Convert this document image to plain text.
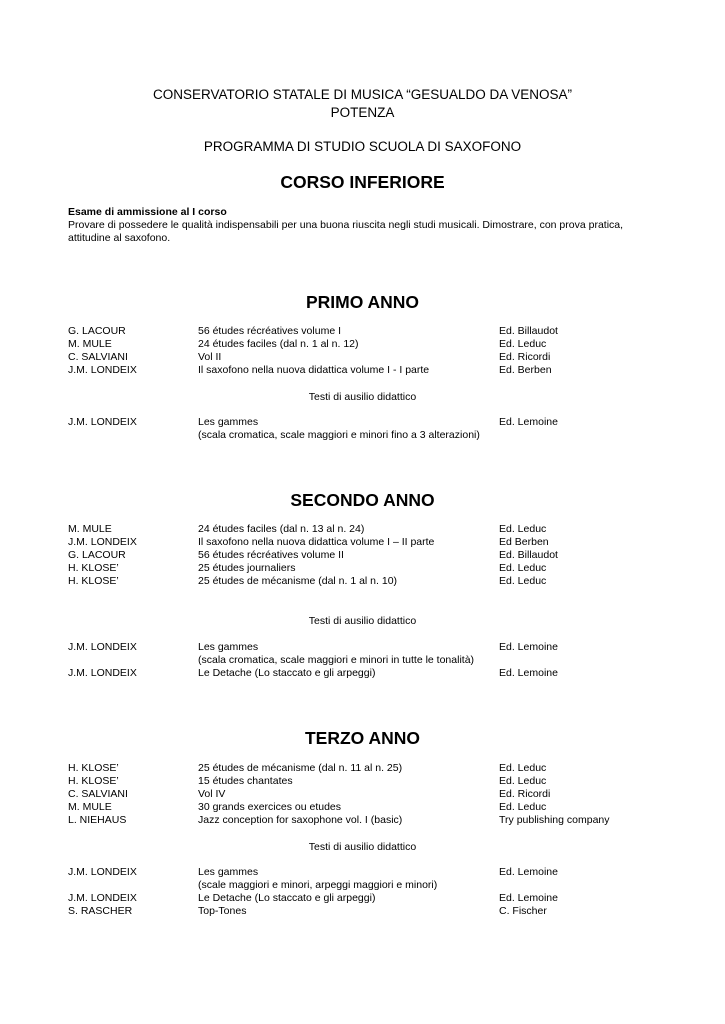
CONSERVATORIO STATALE DI MUSICA “GESUALDO DA VENOSA”
POTENZA
PROGRAMMA DI STUDIO SCUOLA DI SAXOFONO
CORSO INFERIORE
Esame di ammissione al I corso
Provare di possedere le qualità indispensabili per una buona riuscita negli studi musicali. Dimostrare, con prova pratica,
attitudine al saxofono.
PRIMO ANNO
G. LACOUR	56 études récréatives volume I	Ed. Billaudot
M. MULE	24 études faciles (dal n. 1 al n. 12)	Ed. Leduc
C. SALVIANI	Vol II	Ed. Ricordi
J.M. LONDEIX	Il saxofono nella nuova didattica volume I - I parte	Ed. Berben
Testi di ausilio didattico
J.M. LONDEIX	Les gammes	Ed. Lemoine
(scala cromatica, scale maggiori e minori fino a 3 alterazioni)
SECONDO ANNO
M. MULE	24 études faciles (dal n. 13 al n. 24)	Ed. Leduc
J.M. LONDEIX	Il saxofono nella nuova didattica volume I – II parte	Ed Berben
G. LACOUR	56 études récréatives volume II	Ed. Billaudot
H. KLOSE’	25 études journaliers	Ed. Leduc
H. KLOSE’	25 études de mécanisme (dal n. 1 al n. 10)	Ed. Leduc
Testi di ausilio didattico
J.M. LONDEIX	Les gammes	Ed. Lemoine
(scala cromatica, scale maggiori e minori in tutte le tonalità)
J.M. LONDEIX	Le Detache (Lo staccato e gli arpeggi)	Ed. Lemoine
TERZO ANNO
H. KLOSE’	25 études de mécanisme (dal n. 11 al n. 25)	Ed. Leduc
H. KLOSE’	15 études chantates	Ed. Leduc
C. SALVIANI	Vol IV	Ed. Ricordi
M. MULE	30 grands exercices ou etudes	Ed. Leduc
L. NIEHAUS	Jazz conception for saxophone vol. I (basic)	Try publishing company
Testi di ausilio didattico
J.M. LONDEIX	Les gammes	Ed. Lemoine
(scale maggiori e minori, arpeggi maggiori e minori)
J.M. LONDEIX	Le Detache (Lo staccato e gli arpeggi)	Ed. Lemoine
S. RASCHER	Top-Tones	C. Fischer
